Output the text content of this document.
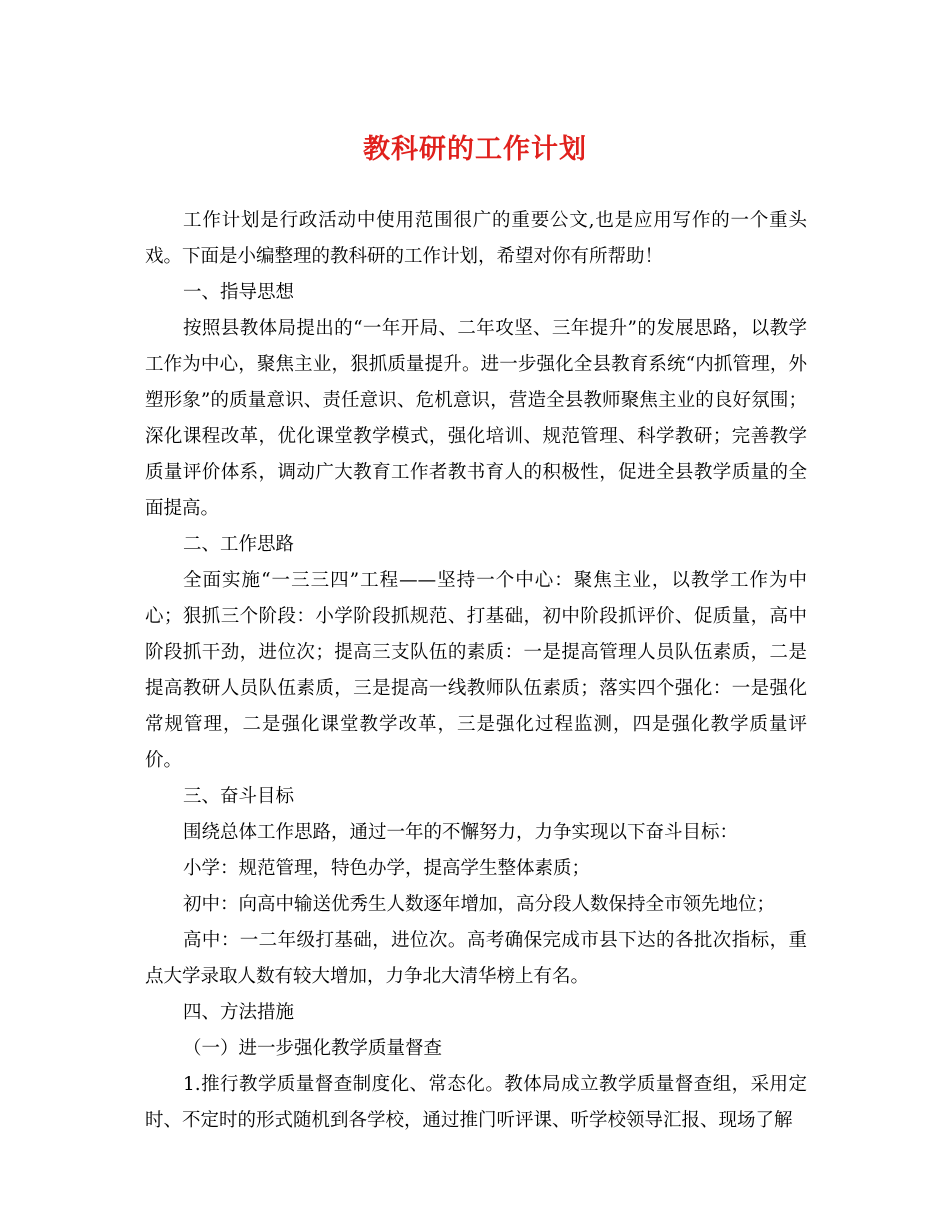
教科研的工作计划

工作计划是行政活动中使用范围很广的重要公文,也是应用写作的一个重头戏。下面是小编整理的教科研的工作计划，希望对你有所帮助！

一、指导思想

按照县教体局提出的“一年开局、二年攻坚、三年提升”的发展思路，以教学工作为中心，聚焦主业，狠抓质量提升。进一步强化全县教育系统“内抓管理，外塑形象”的质量意识、责任意识、危机意识，营造全县教师聚焦主业的良好氛围；深化课程改革，优化课堂教学模式，强化培训、规范管理、科学教研；完善教学质量评价体系，调动广大教育工作者教书育人的积极性，促进全县教学质量的全面提高。

二、工作思路

全面实施“一三三四”工程——坚持一个中心：聚焦主业，以教学工作为中心；狠抓三个阶段：小学阶段抓规范、打基础，初中阶段抓评价、促质量，高中阶段抓干劲，进位次；提高三支队伍的素质：一是提高管理人员队伍素质，二是提高教研人员队伍素质，三是提高一线教师队伍素质；落实四个强化：一是强化常规管理，二是强化课堂教学改革，三是强化过程监测，四是强化教学质量评价。

三、奋斗目标

围绕总体工作思路，通过一年的不懈努力，力争实现以下奋斗目标：

小学：规范管理，特色办学，提高学生整体素质；

初中：向高中输送优秀生人数逐年增加，高分段人数保持全市领先地位；

高中：一二年级打基础，进位次。高考确保完成市县下达的各批次指标，重点大学录取人数有较大增加，力争北大清华榜上有名。

四、方法措施

（一）进一步强化教学质量督查

1.推行教学质量督查制度化、常态化。教体局成立教学质量督查组，采用定时、不定时的形式随机到各学校，通过推门听评课、听学校领导汇报、现场了解
